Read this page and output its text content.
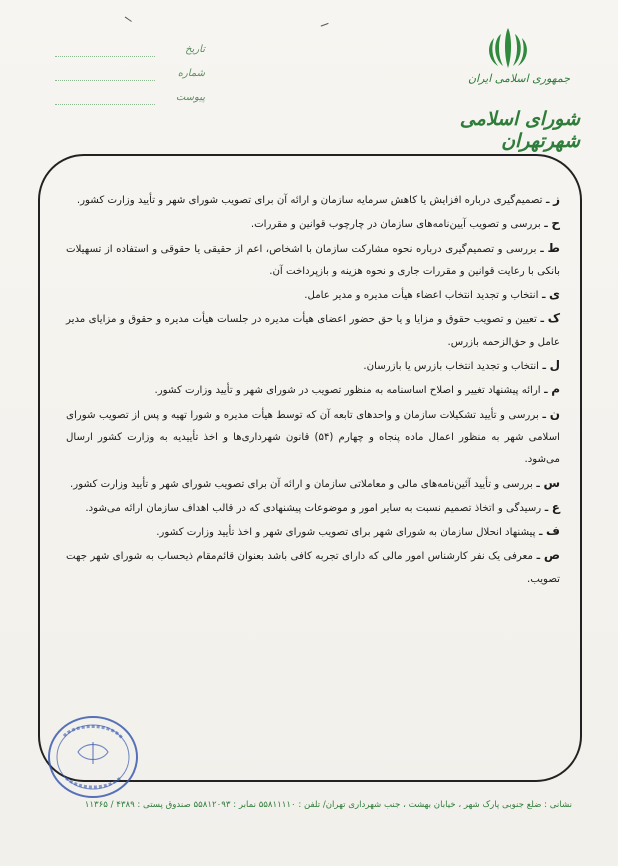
جمهوری اسلامی ایران
شورای اسلامی شهرتهران
تاریخ
شماره
پیوست
ز ـ تصمیم‌گیری درباره افزایش یا کاهش سرمایه سازمان و ارائه آن برای تصویب شورای شهر و تأیید وزارت کشور.
ح ـ بررسی و تصویب آیین‌نامه‌های سازمان در چارچوب قوانین و مقررات.
ط ـ بررسی و تصمیم‌گیری درباره نحوه مشارکت سازمان با اشخاص، اعم از حقیقی یا حقوقی و استفاده از تسهیلات بانکی با رعایت قوانین و مقررات جاری و نحوه هزینه و بازپرداخت آن.
ی ـ انتخاب و تجدید انتخاب اعضاء هیأت مدیره و مدیر عامل.
ک ـ تعیین و تصویب حقوق و مزایا و یا حق حضور اعضای هیأت مدیره در جلسات هیأت مدیره و حقوق و مزایای مدیر عامل و حق‌الزحمه بازرس.
ل ـ انتخاب و تجدید انتخاب بازرس یا بازرسان.
م ـ ارائه پیشنهاد تغییر و اصلاح اساسنامه به منظور تصویب در شورای شهر و تأیید وزارت کشور.
ن ـ بررسی و تأیید تشکیلات سازمان و واحدهای تابعه آن که توسط هیأت مدیره و شورا تهیه و پس از تصویب شورای اسلامی شهر به منظور اعمال ماده پنجاه و چهارم (۵۴) قانون شهرداری‌ها و اخذ تأییدیه به وزارت کشور ارسال می‌شود.
س ـ بررسی و تأیید آئین‌نامه‌های مالی و معاملاتی سازمان و ارائه آن برای تصویب شورای شهر و تأیید وزارت کشور.
ع ـ رسیدگی و اتخاذ تصمیم نسبت به سایر امور و موضوعات پیشنهادی که در قالب اهداف سازمان ارائه می‌شود.
ف ـ پیشنهاد انحلال سازمان به شورای شهر برای تصویب شورای شهر و اخذ تأیید وزارت کشور.
ص ـ معرفی یک نفر کارشناس امور مالی که دارای تجربه کافی باشد بعنوان قائم‌مقام ذیحساب به شورای شهر جهت تصویب.
نشانی : ضلع جنوبی پارک شهر ، خیابان بهشت ، جنب شهرداری تهران/ تلفن : ۵۵۸۱۱۱۱۰ نمابر : ۵۵۸۱۲۰۹۳ صندوق پستی : ۴۳۸۹ / ۱۱۳۶۵
